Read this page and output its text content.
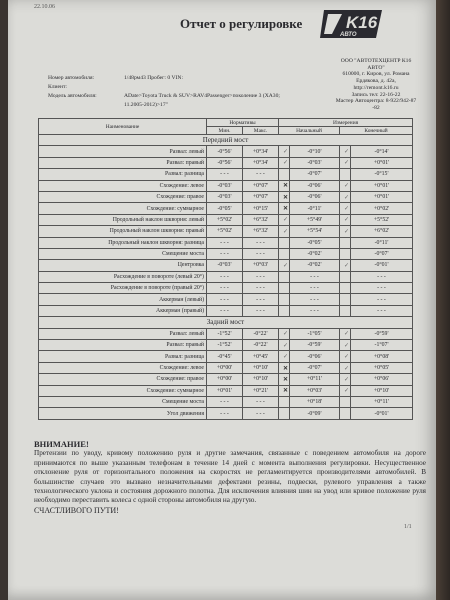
22.10.06
Отчет о регулировке	K16
АВТО
ООО "АВТОТЕХЦЕНТР К16
АВТО"
610000, г. Киров, ул. Романа
Ердякова, д. 42а,
http://remont.k16.ru
Запись тел: 22-16-22
Мастер Автоцентра: 8-922/942-87
-82
Номер автомобиля:	1/48рм43 Пробег: 0 VIN:
Клиент:
Модель автомобиля:	ADate>Toyota Truck & SUV>RAV4Passenger>поколение 3 (XA30;
11.2005-2012)>17"
Наименование	Нормативы		Измерения			
	Мин.	Макс.	Начальный		Конечный	
Передний мост						
Развал: левый	-0°56'	+0°34'	✓	-0°10'	✓	-0°14'
Развал: правый	-0°56'	+0°34'	✓	-0°03'	✓	+0°01'
Развал: разница	- - -	- - -		-0°07'		-0°15'
Схождение: левое	-0°03'	+0°07'	✕	-0°06'	✓	+0°01'
Схождение: правое	-0°03'	+0°07'	✕	-0°06'	✓	+0°01'
Схождение: суммарное	-0°05'	+0°15'	✕	-0°11'	✓	+0°02'
Продольный наклон шкворня: левый	+5°02'	+6°32'	✓	+5°49'	✓	+5°52'
Продольный наклон шкворня: правый	+5°02'	+6°32'	✓	+5°54'	✓	+6°02'
Продольный наклон шкворня: разница	- - -	- - -		-0°05'		-0°11'
Смещение моста	- - -	- - -		-0°02'		-0°07'
Центровка	-0°03'	+0°03'	✓	-0°02'	✓	-0°01'
Расхождение в повороте (левый 20°)	- - -	- - -		- - -		- - -
Расхождение в повороте (правый 20°)	- - -	- - -		- - -		- - -
Аккерман (левый)	- - -	- - -		- - -		- - -
Аккерман (правый)	- - -	- - -		- - -		- - -
Задний мост						
Развал: левый	-1°52'	-0°22'	✓	-1°05'	✓	-0°59'
Развал: правый	-1°52'	-0°22'	✓	-0°59'	✓	-1°07'
Развал: разница	-0°45'	+0°45'	✓	-0°06'	✓	+0°08'
Схождение: левое	+0°00'	+0°10'	✕	-0°07'	✓	+0°05'
Схождение: правое	+0°00'	+0°10'	✕	+0°11'	✓	+0°06'
Схождение: суммарное	+0°01'	+0°21'	✕	+0°03'	✓	+0°10'
Смещение моста	- - -	- - -		+0°18'		+0°11'
Угол движения	- - -	- - -		-0°09'		-0°01'
ВНИМАНИЕ!
Претензии по уводу, кривому положению руля и другие замечания, связанные с поведением автомобиля на дороге принимаются по выше указанным телефонам в течение 14 дней с момента выполнения регулировки. Несущественное отклонение руля от горизонтального положения на скоростях не регламентируется производителями автомобилей. В большинстве случаев это вызвано незначительными дефектами резины, подвески, рулевого управления а также технологического уклона и состояния дорожного полотна. Для исключения влияния шин на увод или кривое положение руля необходимо переставить колеса с одной стороны автомобиля на другую.
СЧАСТЛИВОГО ПУТИ!
1/1
